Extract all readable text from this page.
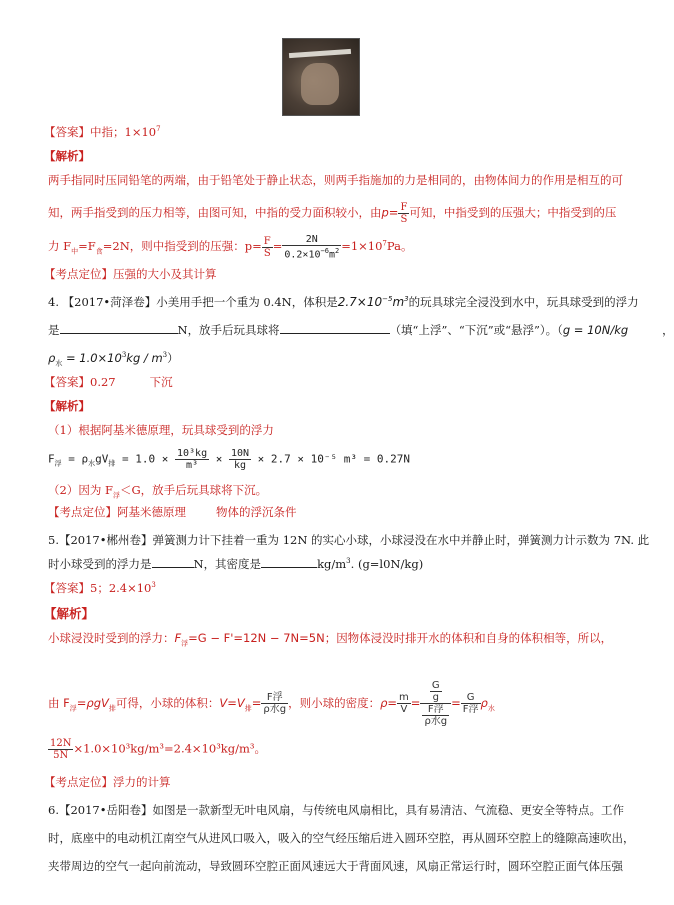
【答案】中指；$1\times 10^7$
【解析】
两手指同时压同铅笔的两端，由于铅笔处于静止状态，则两手指施加的力是相同的，由物体间力的作用是相互的可
知，两手指受到的压力相等，由图可知，中指的受力面积较小，由$p= \frac{F}{S}$ 可知，中指受到的压强大；中指受到的压
力 $F_中=F_食=2N$，则中指受到的压强：$p= \frac{F}{S} = \frac{2N}{0.2\times 10^{-6}m^2} =1\times 10^7Pa$。
【考点定位】压强的大小及其计算
4. 【2017•菏泽卷】小美用手把一个重为 0.4N，体积是$2.7\times 10^{-5}m^3$的玩具球完全浸没到水中，玩具球受到的浮力
是	N，放手后玩具球将	（填“上浮”、“下沉”或“悬浮”）。（g = 10N/kg	，
$\rho_水 = 1.0\times 10^3kg / m^3$）
【答案】0.27	下沉
【解析】
（1）根据阿基米德原理，玩具球受到的浮力
$F_浮 = \rho_水gV_排 = 1.0 \times \frac{\text{10³kg}}{\text{m³}} \times \frac{10N}{kg} \times 2.7 \times 10^{-5}$ m³ = 0.27N
（2）因为 $F_浮<G$，放手后玩具球将下沉。
【考点定位】阿基米德原理	物体的浮沉条件
5.【2017•郴州卷】弹簧测力计下挂着一重为 12N 的实心小球，小球浸没在水中并静止时，弹簧测力计示数为 7N. 此
时小球受到的浮力是	N，其密度是	$kg/m^3$. (g=l0N/kg)
【答案】5；$2.4\times 10^3$
【解析】
小球浸没时受到的浮力：$F_浮=G - F'=12N - 7N=5N$；因物体浸没时排开水的体积和自身的体积相等，所以，
由 $F_浮=\rho gV_排$可得，小球的体积：$V=V_排= \frac{\text{F浮}}{\text{ρ水g}}$ ，则小球的密度：$\rho= \frac{m}{V} = \frac{\frac{G}{g}}{\frac{\text{F浮}}{\text{ρ水g}}} = \frac{G}{\text{F浮}} \rho_水$
$\frac{12N}{5N} \times 1.0\times 10^3kg/m^3=2.4\times 10^3kg/m^3$。
【考点定位】浮力的计算
6.【2017•岳阳卷】如图是一款新型无叶电风扇，与传统电风扇相比，具有易清洁、气流稳、更安全等特点。工作
时，底座中的电动机江南空气从进风口吸入，吸入的空气经压缩后进入圆环空腔，再从圆环空腔上的缝隙高速吹出，
夹带周边的空气一起向前流动，导致圆环空腔正面风速远大于背面风速，风扇正常运行时，圆环空腔正面气体压强
